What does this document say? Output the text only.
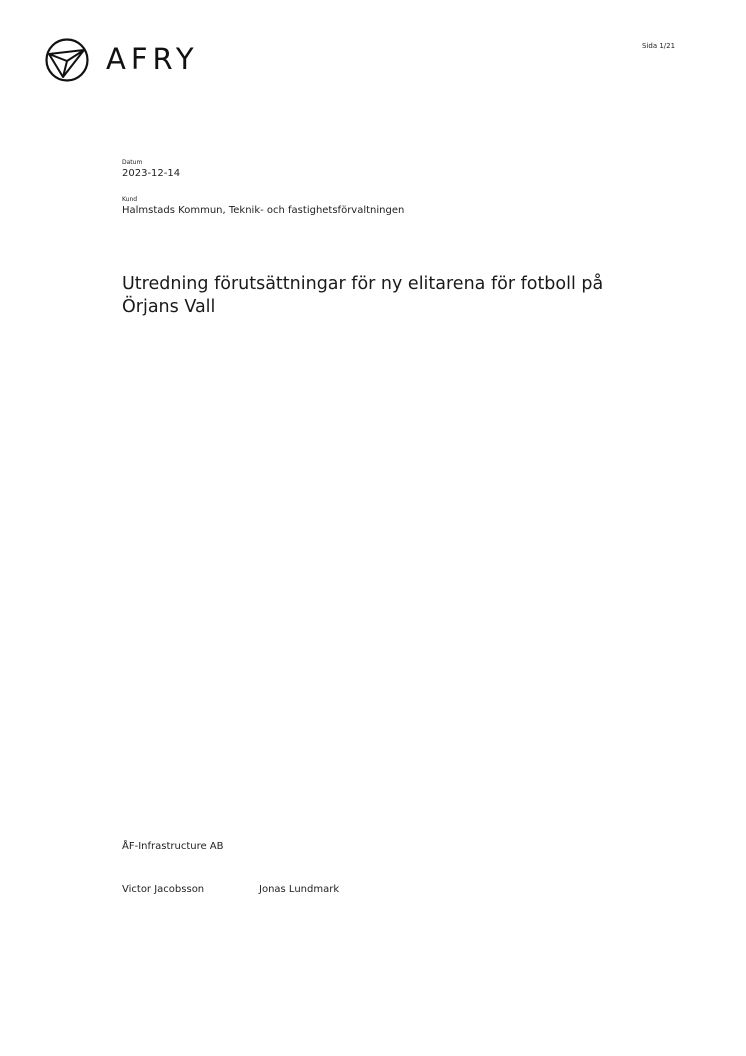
AFRY	Sida 1/21
Datum
2023-12-14
Kund
Halmstads Kommun, Teknik- och fastighetsförvaltningen
Utredning förutsättningar för ny elitarena för fotboll på Örjans Vall
ÅF-Infrastructure AB
Victor Jacobsson	Jonas Lundmark
